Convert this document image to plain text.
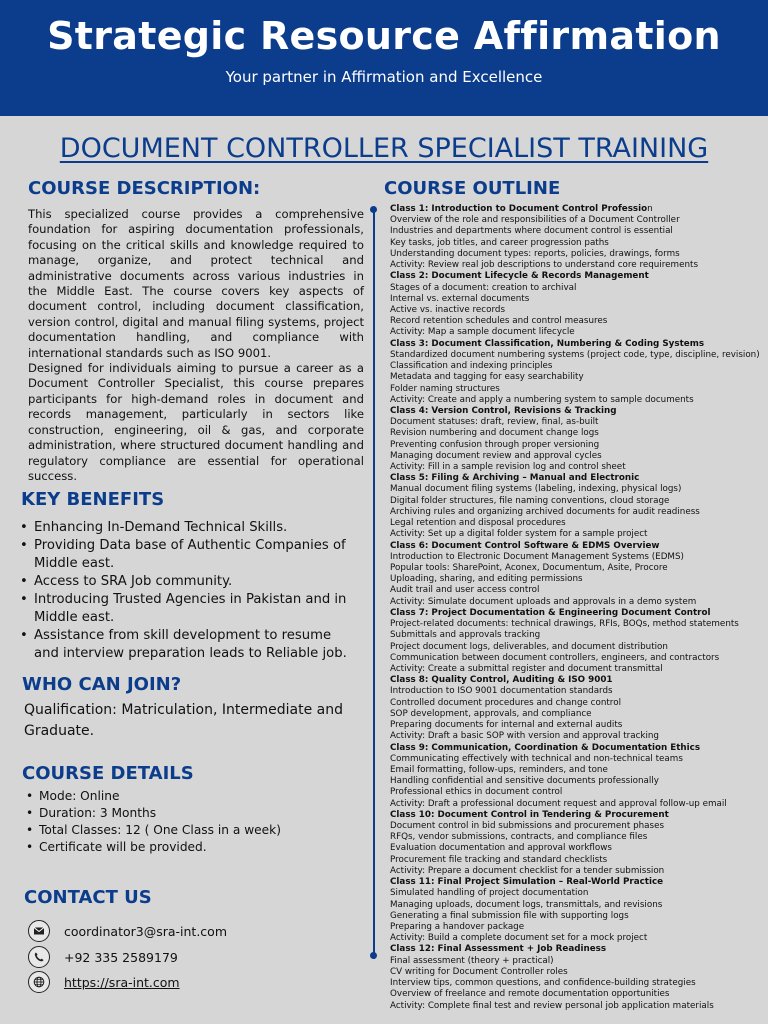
Strategic Resource Affirmation
Your partner in Affirmation and Excellence
DOCUMENT CONTROLLER SPECIALIST TRAINING
COURSE DESCRIPTION:

This specialized course provides a comprehensive foundation for aspiring documentation professionals, focusing on the critical skills and knowledge required to manage, organize, and protect technical and administrative documents across various industries in the Middle East. The course covers key aspects of document control, including document classification, version control, digital and manual filing systems, project documentation handling, and compliance with international standards such as ISO 9001.

Designed for individuals aiming to pursue a career as a Document Controller Specialist, this course prepares participants for high-demand roles in document and records management, particularly in sectors like construction, engineering, oil & gas, and corporate administration, where structured document handling and regulatory compliance are essential for operational success.

KEY BENEFITS
• Enhancing In-Demand Technical Skills.
• Providing Data base of Authentic Companies of Middle east.
• Access to SRA Job community.
• Introducing Trusted Agencies in Pakistan and in Middle east.
• Assistance from skill development to resume and interview preparation leads to Reliable job.
WHO CAN JOIN?
Qualification: Matriculation, Intermediate and Graduate.
COURSE DETAILS
• Mode: Online
• Duration: 3 Months
• Total Classes: 12 ( One Class in a week)
• Certificate will be provided.
CONTACT US
coordinator3@sra-int.com
+92 335 2589179
https://sra-int.com
COURSE OUTLINE
Class 1: Introduction to Document Control Profession
Overview of the role and responsibilities of a Document Controller
Industries and departments where document control is essential
Key tasks, job titles, and career progression paths
Understanding document types: reports, policies, drawings, forms
Activity: Review real job descriptions to understand core requirements
Class 2: Document Lifecycle & Records Management
Stages of a document: creation to archival
Internal vs. external documents
Active vs. inactive records
Record retention schedules and control measures
Activity: Map a sample document lifecycle
Class 3: Document Classification, Numbering & Coding Systems
Standardized document numbering systems (project code, type, discipline, revision)
Classification and indexing principles
Metadata and tagging for easy searchability
Folder naming structures
Activity: Create and apply a numbering system to sample documents
Class 4: Version Control, Revisions & Tracking
Document statuses: draft, review, final, as-built
Revision numbering and document change logs
Preventing confusion through proper versioning
Managing document review and approval cycles
Activity: Fill in a sample revision log and control sheet
Class 5: Filing & Archiving – Manual and Electronic
Manual document filing systems (labeling, indexing, physical logs)
Digital folder structures, file naming conventions, cloud storage
Archiving rules and organizing archived documents for audit readiness
Legal retention and disposal procedures
Activity: Set up a digital folder system for a sample project
Class 6: Document Control Software & EDMS Overview
Introduction to Electronic Document Management Systems (EDMS)
Popular tools: SharePoint, Aconex, Documentum, Asite, Procore
Uploading, sharing, and editing permissions
Audit trail and user access control
Activity: Simulate document uploads and approvals in a demo system
Class 7: Project Documentation & Engineering Document Control
Project-related documents: technical drawings, RFIs, BOQs, method statements
Submittals and approvals tracking
Project document logs, deliverables, and document distribution
Communication between document controllers, engineers, and contractors
Activity: Create a submittal register and document transmittal
Class 8: Quality Control, Auditing & ISO 9001
Introduction to ISO 9001 documentation standards
Controlled document procedures and change control
SOP development, approvals, and compliance
Preparing documents for internal and external audits
Activity: Draft a basic SOP with version and approval tracking
Class 9: Communication, Coordination & Documentation Ethics
Communicating effectively with technical and non-technical teams
Email formatting, follow-ups, reminders, and tone
Handling confidential and sensitive documents professionally
Professional ethics in document control
Activity: Draft a professional document request and approval follow-up email
Class 10: Document Control in Tendering & Procurement
Document control in bid submissions and procurement phases
RFQs, vendor submissions, contracts, and compliance files
Evaluation documentation and approval workflows
Procurement file tracking and standard checklists
Activity: Prepare a document checklist for a tender submission
Class 11: Final Project Simulation – Real-World Practice
Simulated handling of project documentation
Managing uploads, document logs, transmittals, and revisions
Generating a final submission file with supporting logs
Preparing a handover package
Activity: Build a complete document set for a mock project
Class 12: Final Assessment + Job Readiness
Final assessment (theory + practical)
CV writing for Document Controller roles
Interview tips, common questions, and confidence-building strategies
Overview of freelance and remote documentation opportunities
Activity: Complete final test and review personal job application materials
